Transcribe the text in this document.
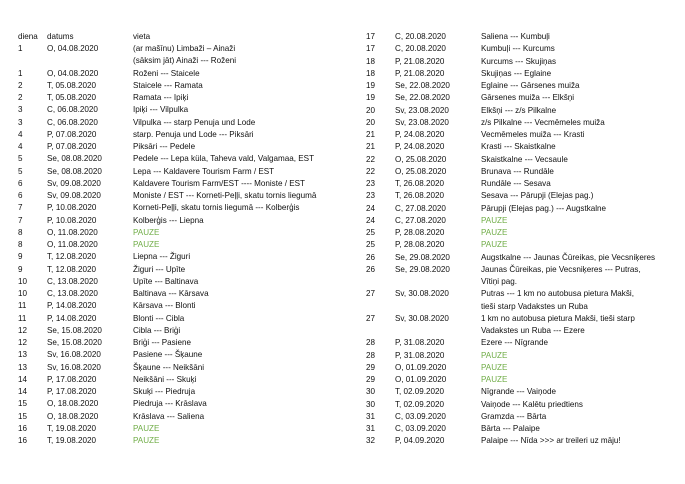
diena datums	vieta
1	O, 04.08.2020	(ar mašīnu) Limbaži – Ainaži
(sāksim jāt) Ainaži --- Roženi
1	O, 04.08.2020	Roženi --- Staicele
2	T, 05.08.2020	Staicele --- Ramata
2	T, 05.08.2020	Ramata --- Ipiķi
3	C, 06.08.2020	Ipiķi --- Vilpulka
3	C, 06.08.2020	Vilpulka --- starp Penuja und Lode
4	P, 07.08.2020	starp. Penuja und Lode --- Piksāri
4	P, 07.08.2020	Piksāri --- Pedele
5	Se, 08.08.2020	Pedele --- Lepa küla, Taheva vald, Valgamaa, EST
5	Se, 08.08.2020	Lepa --- Kaldavere Tourism Farm / EST
6	Sv, 09.08.2020	Kaldavere Tourism Farm/EST ---- Moniste / EST
6	Sv, 09.08.2020	Moniste / EST --- Korneti-Peļļi, skatu tornis liegumā
7	P, 10.08.2020	Korneti-Peļļi, skatu tornis liegumā --- Kolberģis
7	P, 10.08.2020	Kolberģis --- Liepna
8	O, 11.08.2020	PAUZE
8	O, 11.08.2020	PAUZE
9	T, 12.08.2020	Liepna --- Žiguri
9	T, 12.08.2020	Žiguri --- Upīte
10 C, 13.08.2020	Upīte --- Baltinava
10 C, 13.08.2020	Baltinava --- Kārsava
11	P, 14.08.2020	Kārsava --- Blonti
11	P, 14.08.2020	Blonti --- Cibla
12 Se, 15.08.2020	Cibla --- Briģi
12 Se, 15.08.2020	Briģi --- Pasiene
13 Sv, 16.08.2020	Pasiene --- Šķaune
13 Sv, 16.08.2020	Šķaune --- Neikšāni
14 P, 17.08.2020	Neikšāni --- Skuķi
14 P, 17.08.2020	Skuķi --- Piedruja
15 O, 18.08.2020	Piedruja --- Krāslava
15 O, 18.08.2020	Krāslava --- Saliena
16 T, 19.08.2020	PAUZE
16 T, 19.08.2020	PAUZE
17 C, 20.08.2020	Saliena --- Kumbuļi
17 C, 20.08.2020	Kumbuļi --- Kurcums
18 P, 21.08.2020	Kurcums --- Skujiņas
18 P, 21.08.2020	Skujiņas --- Eglaine
19 Se, 22.08.2020	Eglaine --- Gārsenes muiža
19 Se, 22.08.2020	Gārsenes muiža --- Elkšņi
20 Sv, 23.08.2020	Elkšņi --- z/s Pilkalne
20 Sv, 23.08.2020	z/s Pilkalne --- Vecmēmeles muiža
21 P, 24.08.2020	Vecmēmeles muiža --- Krasti
21 P, 24.08.2020	Krasti --- Skaistkalne
22 O, 25.08.2020	Skaistkalne --- Vecsaule
22 O, 25.08.2020	Brunava --- Rundāle
23 T, 26.08.2020	Rundāle --- Sesava
23 T, 26.08.2020	Sesava --- Pārupji (Elejas pag.)
24 C, 27.08.2020	Pārupji (Elejas pag.) --- Augstkalne
24 C, 27.08.2020	PAUZE
25 P, 28.08.2020	PAUZE
25 P, 28.08.2020	PAUZE
26 Se, 29.08.2020	Augstkalne --- Jaunas Čūreikas, pie Vecsniķeres
26 Se, 29.08.2020	Jaunas Čūreikas, pie Vecsniķeres --- Putras,
Vītiņi pag.
27 Sv, 30.08.2020	Putras --- 1 km no autobusa pietura Makši,
tieši starp Vadakstes un Ruba
27 Sv, 30.08.2020	1 km no autobusa pietura Makši, tieši starp
Vadakstes un Ruba --- Ezere
28 P, 31.08.2020	Ezere --- Nīgrande
28 P, 31.08.2020	PAUZE
29 O, 01.09.2020	PAUZE
29 O, 01.09.2020	PAUZE
30 T, 02.09.2020	Nīgrande --- Vaiņode
30 T, 02.09.2020	Vaiņode --- Kalētu priedtiens
31 C, 03.09.2020	Gramzda --- Bārta
31 C, 03.09.2020	Bārta --- Palaipe
32 P, 04.09.2020	Palaipe --- Nīda >>> ar treileri uz māju!
